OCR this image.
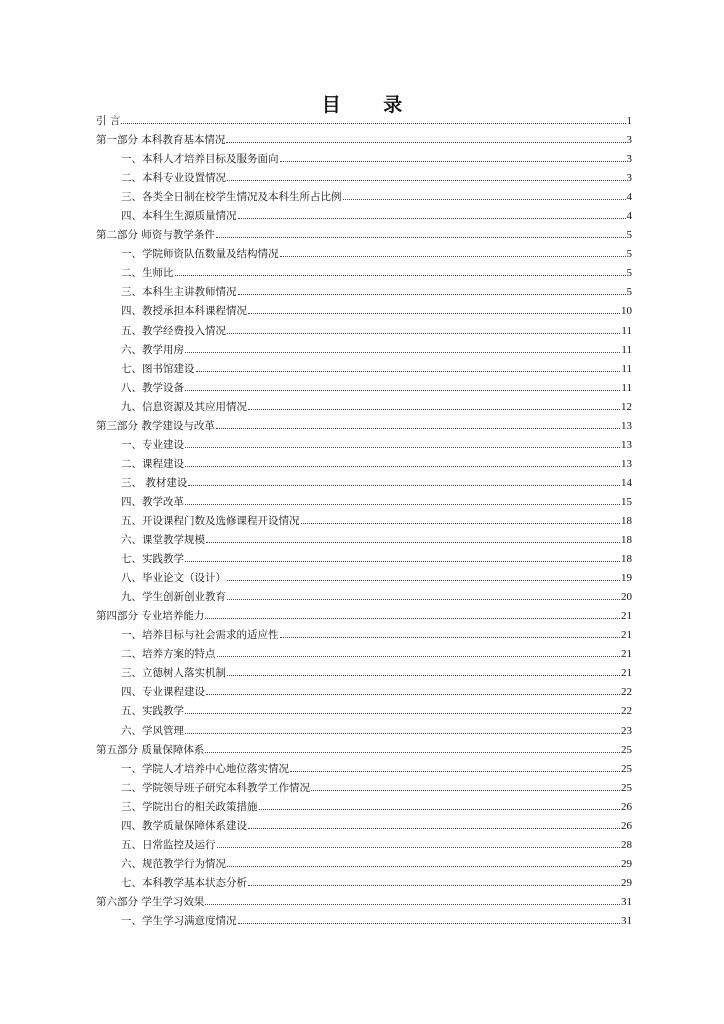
目 录
引 言	1
第一部分 本科教育基本情况	3
一、本科人才培养目标及服务面向	3
二、本科专业设置情况	3
三、各类全日制在校学生情况及本科生所占比例	4
四、本科生生源质量情况	4
第二部分 师资与教学条件	5
一、学院师资队伍数量及结构情况	5
二、生师比	5
三、本科生主讲教师情况	5
四、教授承担本科课程情况	10
五、教学经费投入情况	11
六、教学用房	11
七、图书馆建设	11
八、教学设备	11
九、信息资源及其应用情况	12
第三部分 教学建设与改革	13
一、专业建设	13
二、课程建设	13
三、 教材建设	14
四、教学改革	15
五、开设课程门数及选修课程开设情况	18
六、课堂教学规模	18
七、实践教学	18
八、毕业论文（设计）	19
九、学生创新创业教育	20
第四部分 专业培养能力	21
一、培养目标与社会需求的适应性	21
二、培养方案的特点	21
三、立德树人落实机制	21
四、专业课程建设	22
五、实践教学	22
六、学风管理	23
第五部分 质量保障体系	25
一、学院人才培养中心地位落实情况	25
二、学院领导班子研究本科教学工作情况	25
三、学院出台的相关政策措施	26
四、教学质量保障体系建设	26
五、日常监控及运行	28
六、规范教学行为情况	29
七、本科教学基本状态分析	29
第六部分 学生学习效果	31
一、学生学习满意度情况	31
